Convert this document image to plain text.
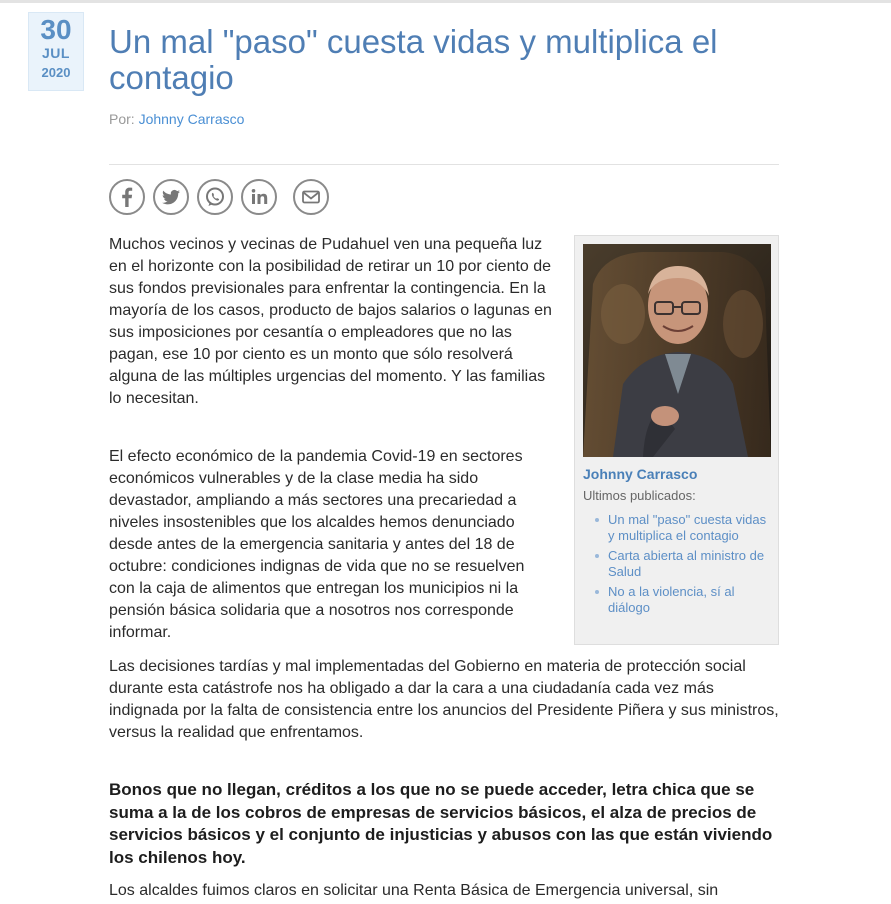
30
JUL
2020
Un mal "paso" cuesta vidas y multiplica el contagio
Por: Johnny Carrasco

Muchos vecinos y vecinas de Pudahuel ven una pequeña luz en el horizonte con la posibilidad de retirar un 10 por ciento de sus fondos previsionales para enfrentar la contingencia. En la mayoría de los casos, producto de bajos salarios o lagunas en sus imposiciones por cesantía o empleadores que no las pagan, ese 10 por ciento es un monto que sólo resolverá alguna de las múltiples urgencias del momento. Y las familias lo necesitan.

El efecto económico de la pandemia Covid-19 en sectores económicos vulnerables y de la clase media ha sido devastador, ampliando a más sectores una precariedad a niveles insostenibles que los alcaldes hemos denunciado desde antes de la emergencia sanitaria y antes del 18 de octubre: condiciones indignas de vida que no se resuelven con la caja de alimentos que entregan los municipios ni la pensión básica solidaria que a nosotros nos corresponde informar.

Las decisiones tardías y mal implementadas del Gobierno en materia de protección social durante esta catástrofe nos ha obligado a dar la cara a una ciudadanía cada vez más indignada por la falta de consistencia entre los anuncios del Presidente Piñera y sus ministros, versus la realidad que enfrentamos.

Bonos que no llegan, créditos a los que no se puede acceder, letra chica que se suma a la de los cobros de empresas de servicios básicos, el alza de precios de servicios básicos y el conjunto de injusticias y abusos con las que están viviendo los chilenos hoy.

Los alcaldes fuimos claros en solicitar una Renta Básica de Emergencia universal, sin

Johnny Carrasco
Ultimos publicados:
Un mal "paso" cuesta vidas y multiplica el contagio
Carta abierta al ministro de Salud
No a la violencia, sí al diálogo
